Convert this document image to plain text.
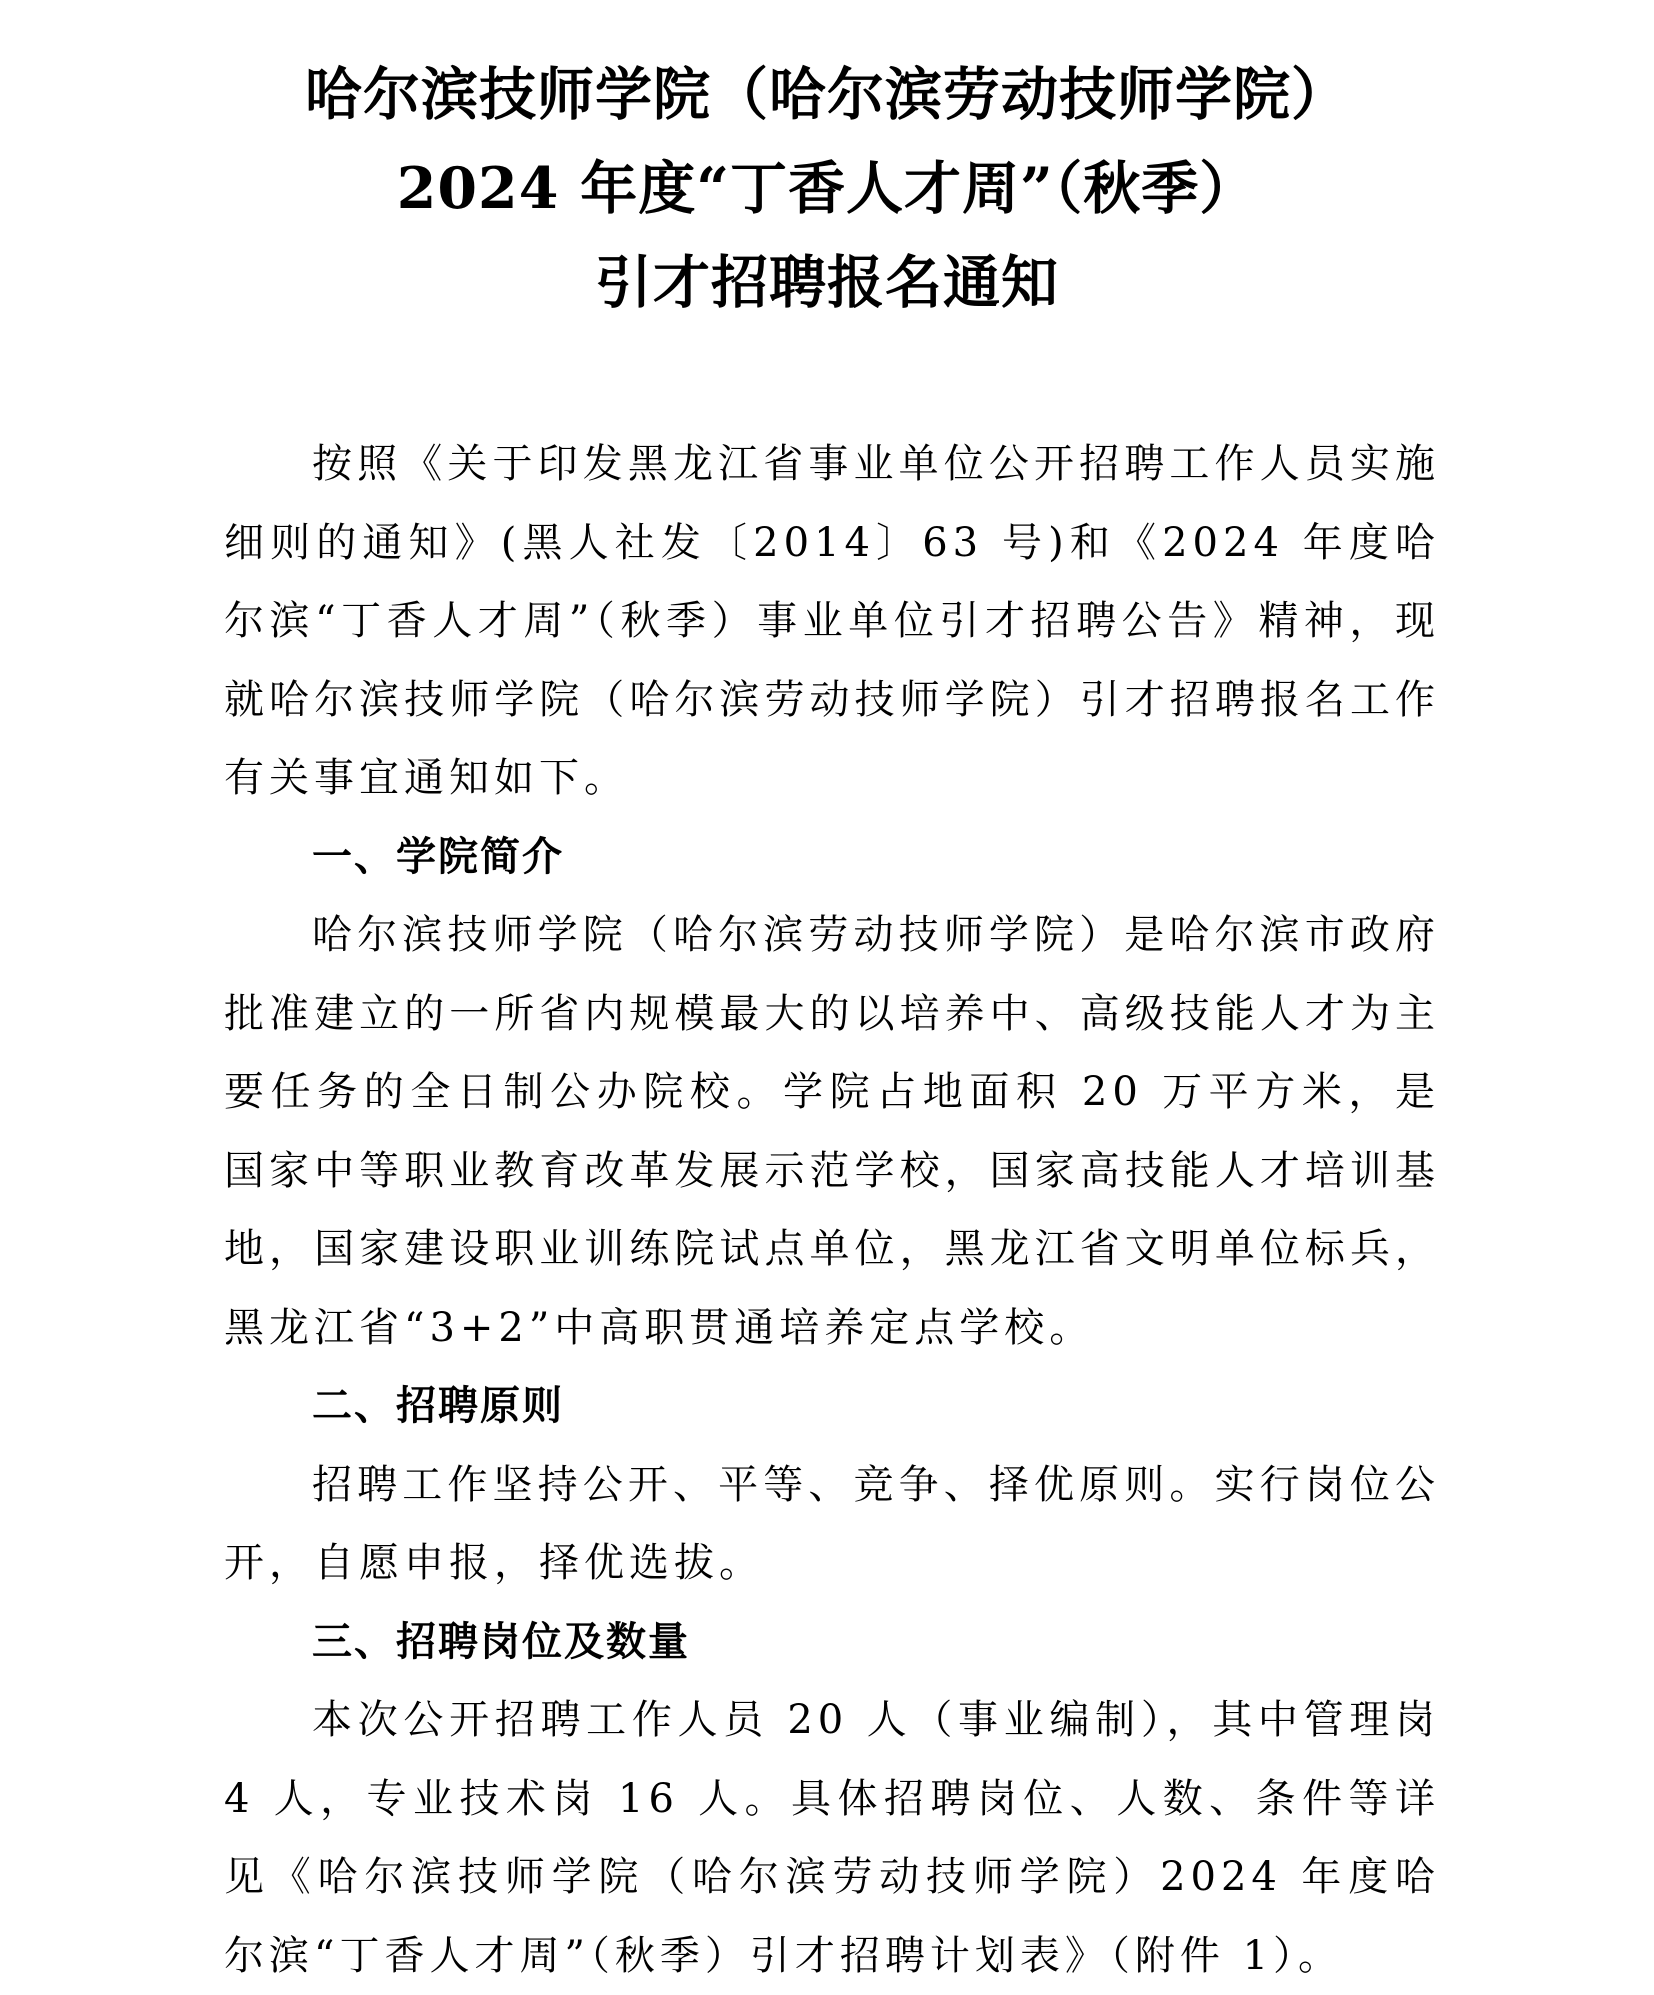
哈尔滨技师学院（哈尔滨劳动技师学院）
2024 年度“丁香人才周”（秋季）
引才招聘报名通知

按照《关于印发黑龙江省事业单位公开招聘工作人员实施细则的通知》(黑人社发〔2014〕63 号)和《2024 年度哈尔滨“丁香人才周”（秋季）事业单位引才招聘公告》精神，现就哈尔滨技师学院（哈尔滨劳动技师学院）引才招聘报名工作有关事宜通知如下。

一、学院简介

哈尔滨技师学院（哈尔滨劳动技师学院）是哈尔滨市政府批准建立的一所省内规模最大的以培养中、高级技能人才为主要任务的全日制公办院校。学院占地面积 20 万平方米，是国家中等职业教育改革发展示范学校，国家高技能人才培训基地，国家建设职业训练院试点单位，黑龙江省文明单位标兵，黑龙江省“3+2”中高职贯通培养定点学校。

二、招聘原则

招聘工作坚持公开、平等、竞争、择优原则。实行岗位公开，自愿申报，择优选拔。

三、招聘岗位及数量

本次公开招聘工作人员 20 人（事业编制），其中管理岗 4 人，专业技术岗 16 人。具体招聘岗位、人数、条件等详见《哈尔滨技师学院（哈尔滨劳动技师学院）2024 年度哈尔滨“丁香人才周”（秋季）引才招聘计划表》（附件 1）。
